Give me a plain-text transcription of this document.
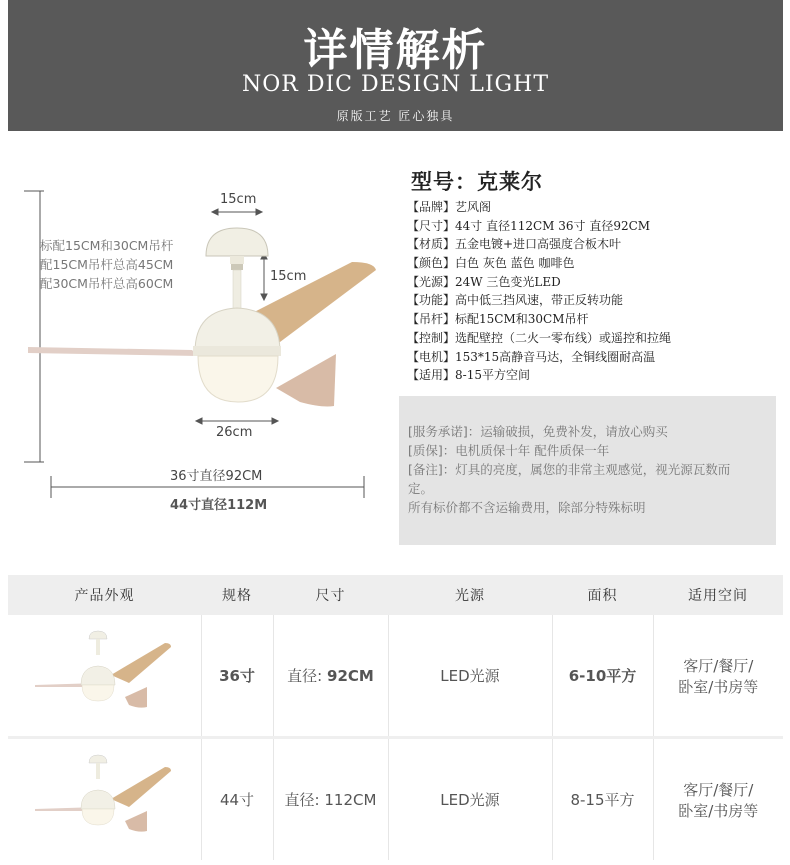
详情解析
NOR DIC DESIGN LIGHT
原版工艺 匠心独具
15cm
15cm
26cm
36寸直径92CM
44寸直径112M
标配15CM和30CM吊杆
配15CM吊杆总高45CM
配30CM吊杆总高60CM
型号：克莱尔
【品牌】艺风阁
【尺寸】44寸 直径112CM 36寸 直径92CM
【材质】五金电镀+进口高强度合板木叶
【颜色】白色 灰色 蓝色 咖啡色
【光源】24W 三色变光LED
【功能】高中低三挡风速，带正反转功能
【吊杆】标配15CM和30CM吊杆
【控制】选配壁控（二火一零布线）或遥控和拉绳
【电机】153*15高静音马达，全铜线圈耐高温
【适用】8-15平方空间

[服务承诺]：运输破损，免费补发，请放心购买

[质保]：电机质保十年 配件质保一年

[备注]：灯具的亮度，属您的非常主观感觉，视光源瓦数而定。

所有标价都不含运输费用，除部分特殊标明

产品外观	规格	尺寸	光源	面积	适用空间
	36寸	直径: 92CM	LED光源	6-10平方	客厅/餐厅/
卧室/书房等

	44寸	直径: 112CM	LED光源	8-15平方	客厅/餐厅/
卧室/书房等
